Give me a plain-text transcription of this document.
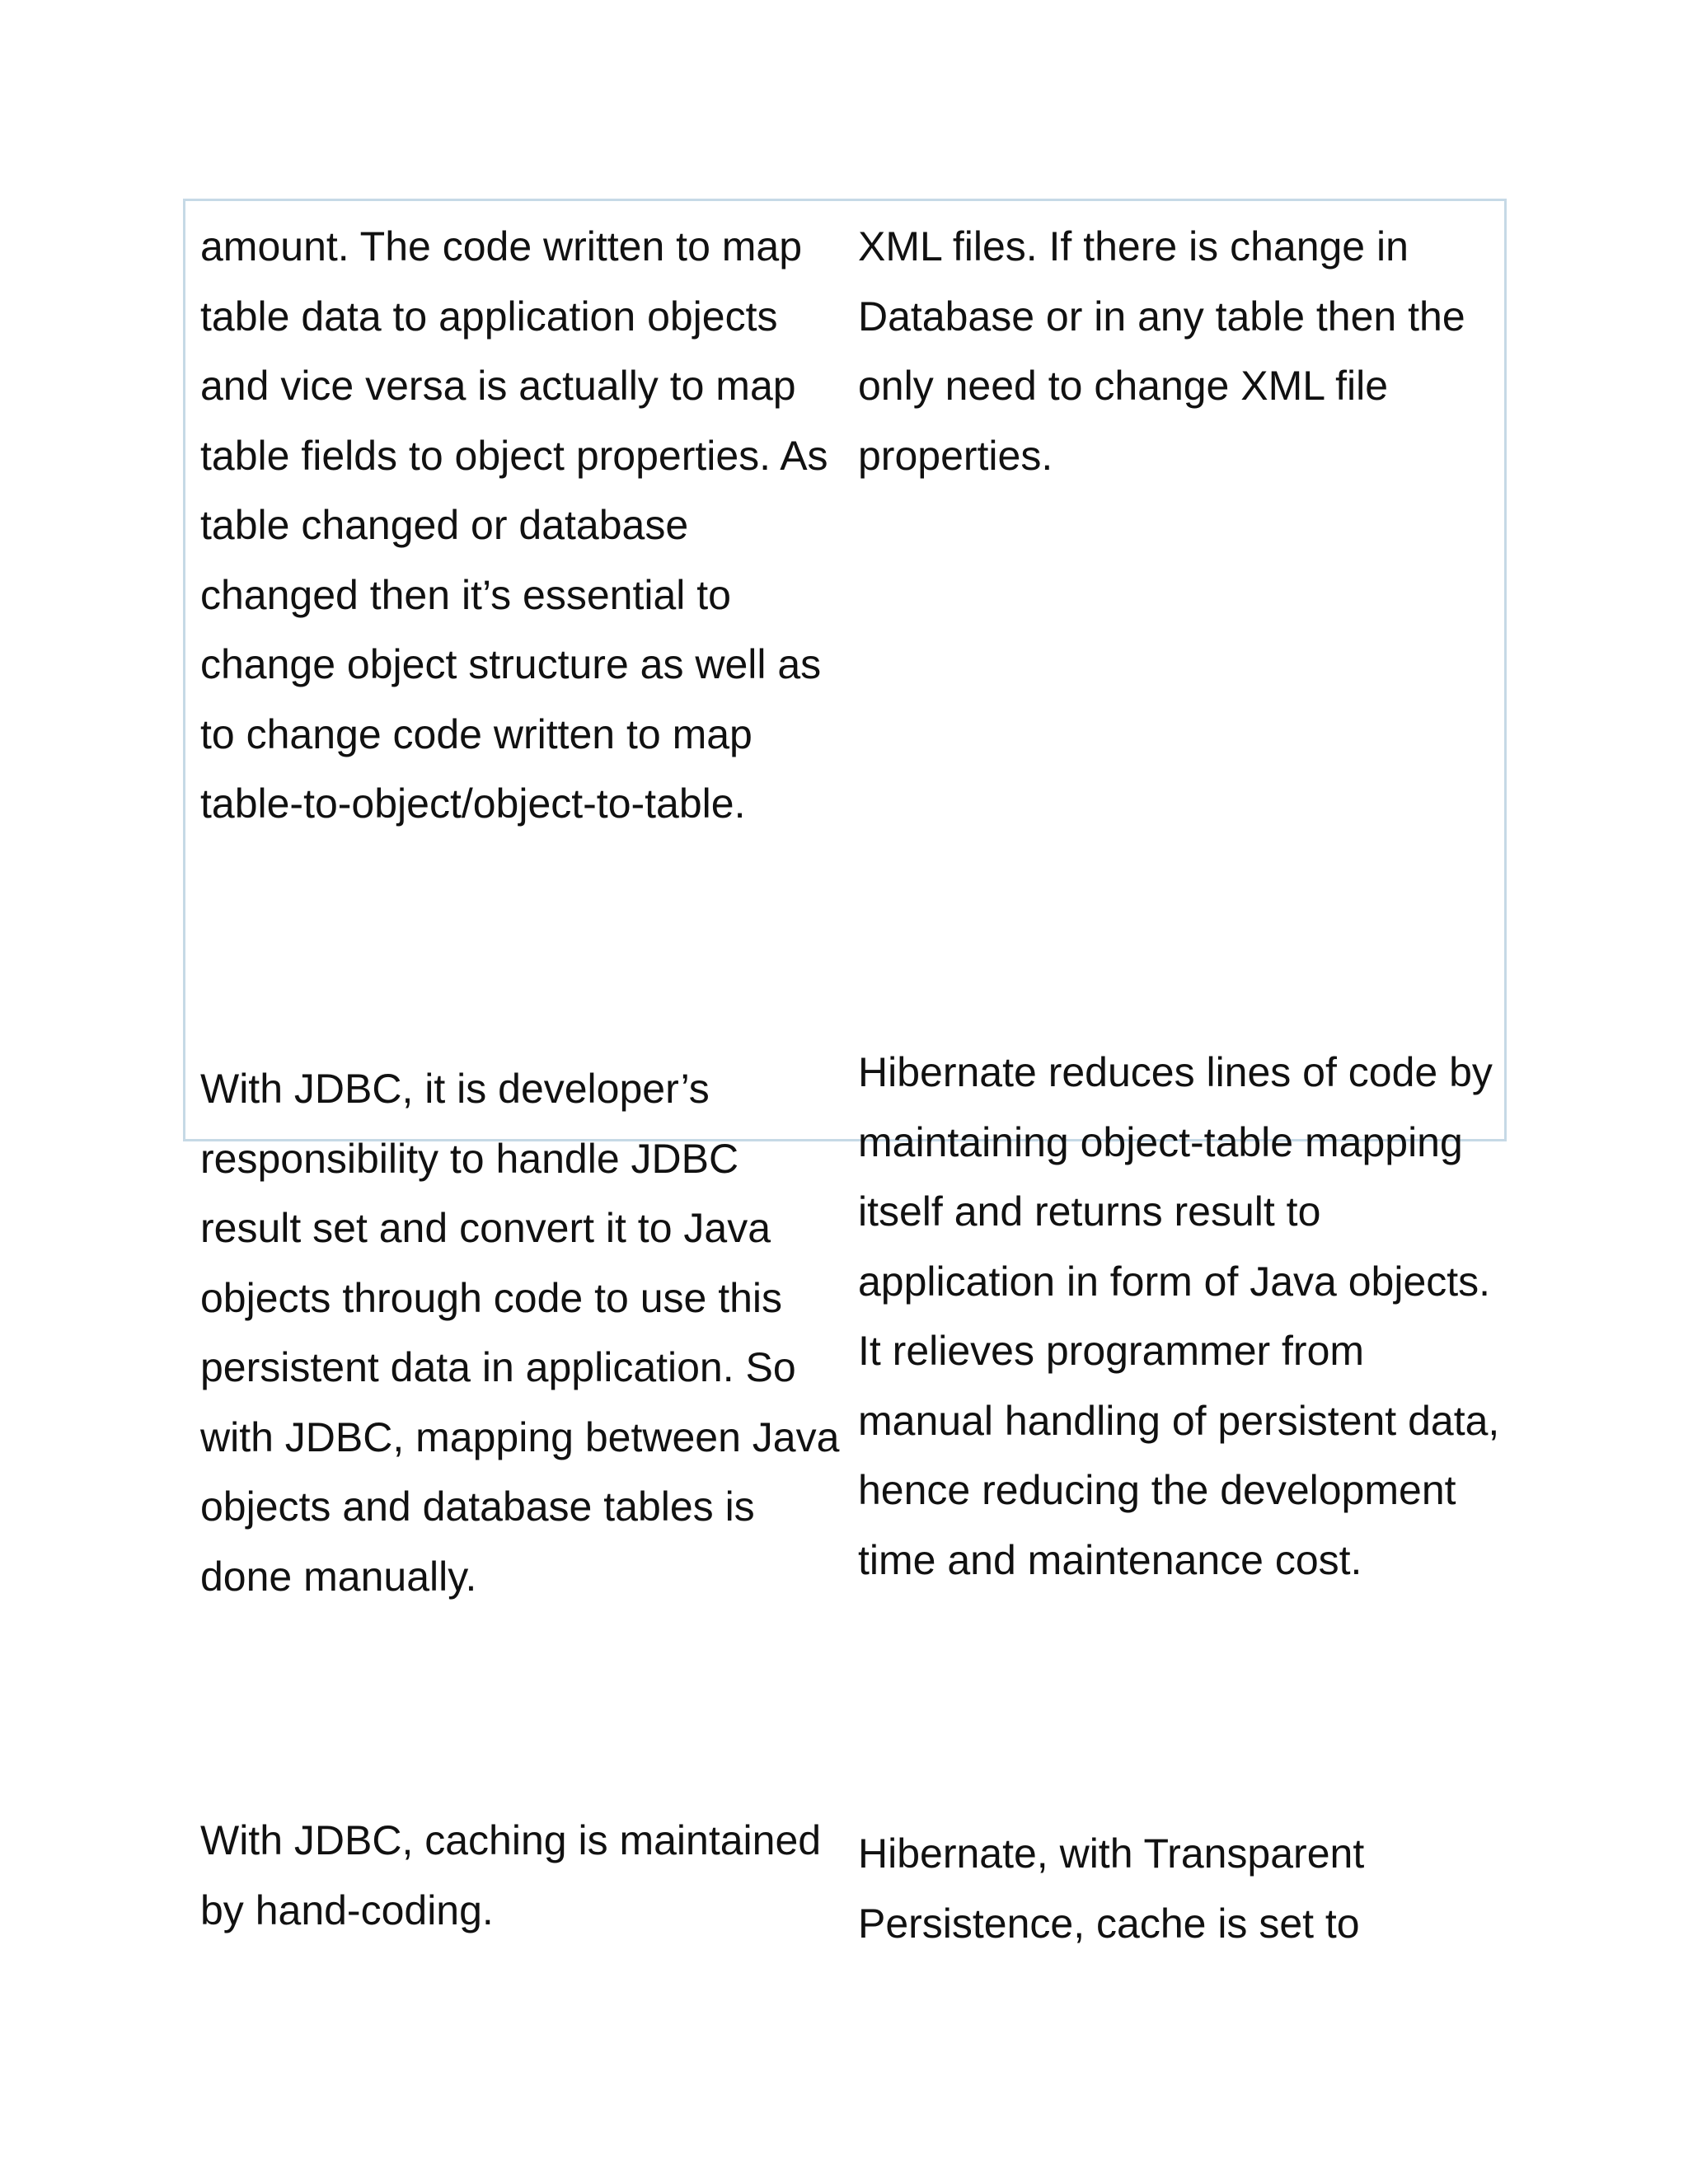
amount. The code written to map table data to application objects and vice versa is actually to map table fields to object properties. As table changed or database changed then it’s essential to change object structure as well as to change code written to map table-to-object/object-to-table.

XML files. If there is change in Database or in any table then the only need to change XML file properties.

With JDBC, it is developer’s responsibility to handle JDBC result set and convert it to Java objects through code to use this persistent data in application. So with JDBC, mapping between Java objects and database tables is done manually.

Hibernate reduces lines of code by maintaining object-table mapping itself and returns result to application in form of Java objects. It relieves programmer from manual handling of persistent data, hence reducing the development time and maintenance cost.

With JDBC, caching is maintained by hand-coding.

Hibernate, with Transparent Persistence, cache is set to
